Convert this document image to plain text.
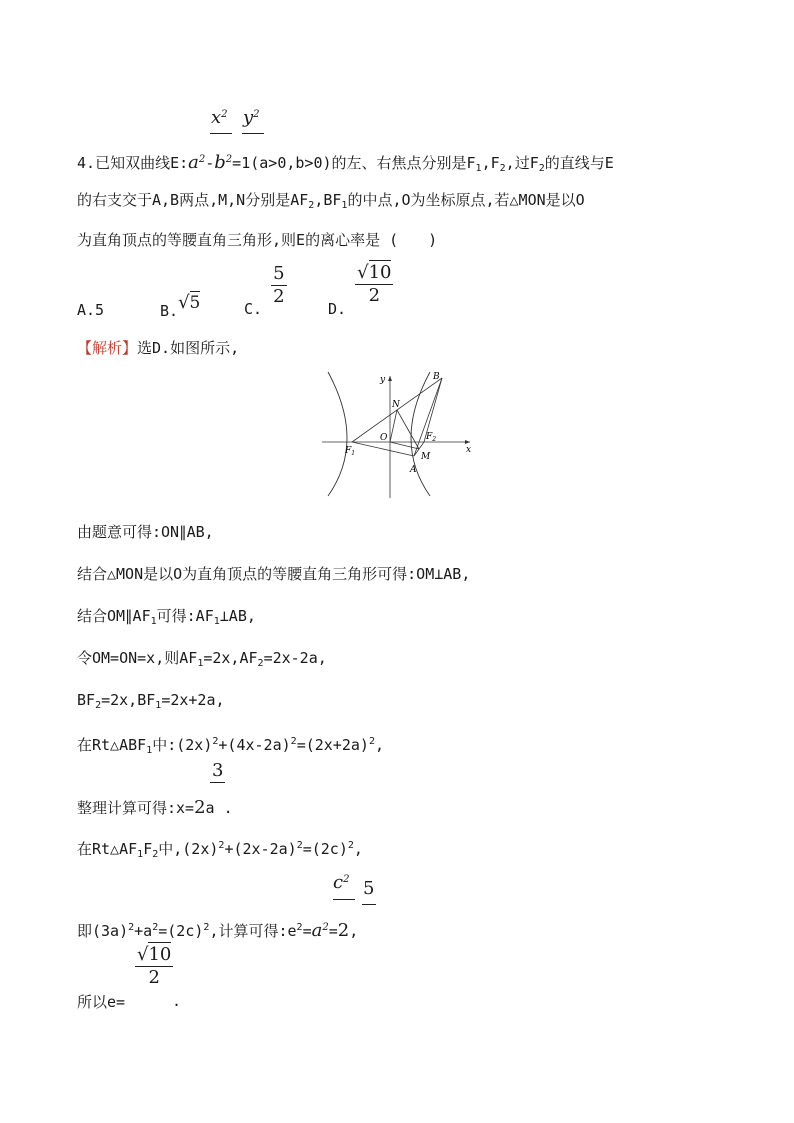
$x^2$ $y^2$
4.已知双曲线$E:a^2-b^2=1(a>0,b>0)$的左、右焦点分别是$F_1,F_2$,过$F_2$的直线与E
的右支交于A,B两点,M,N分别是$AF_2,BF_1$的中点,O为坐标原点,若△MON是以O
为直角顶点的等腰直角三角形,则E的离心率是 (　　)
A.5	B.√5	C.
$\frac{5}{2}$
D.
$\frac{√10}{2}$
【解析】选D.如图所示,
x
y	B
N
O
$F_1$
$F_2$
M
A
由题意可得:ON∥AB,
结合△MON是以O为直角顶点的等腰直角三角形可得:OM⊥AB,
结合$OM\parallel AF_1$可得$:AF_1\perp AB$,
令OM=ON=x,则$AF_1=2x,AF_2=2x-2a$,
$BF_2=2x,BF_1=2x+2a$,
在$Rt\triangle ABF_1$中$:(2x)^2+(4x-2a)^2=(2x+2a)^2$,
3
整理计算可得:x=2a .
在$Rt\triangle AF_1F_2$中$,(2x)^2+(2x-2a)^2=(2c)^2$,
$c^2$ 5
即$(3a)^2+a^2=(2c)^2$,计算可得$:e^2=a^2=2$,
$\frac{√10}{2}$
所以e=	.
